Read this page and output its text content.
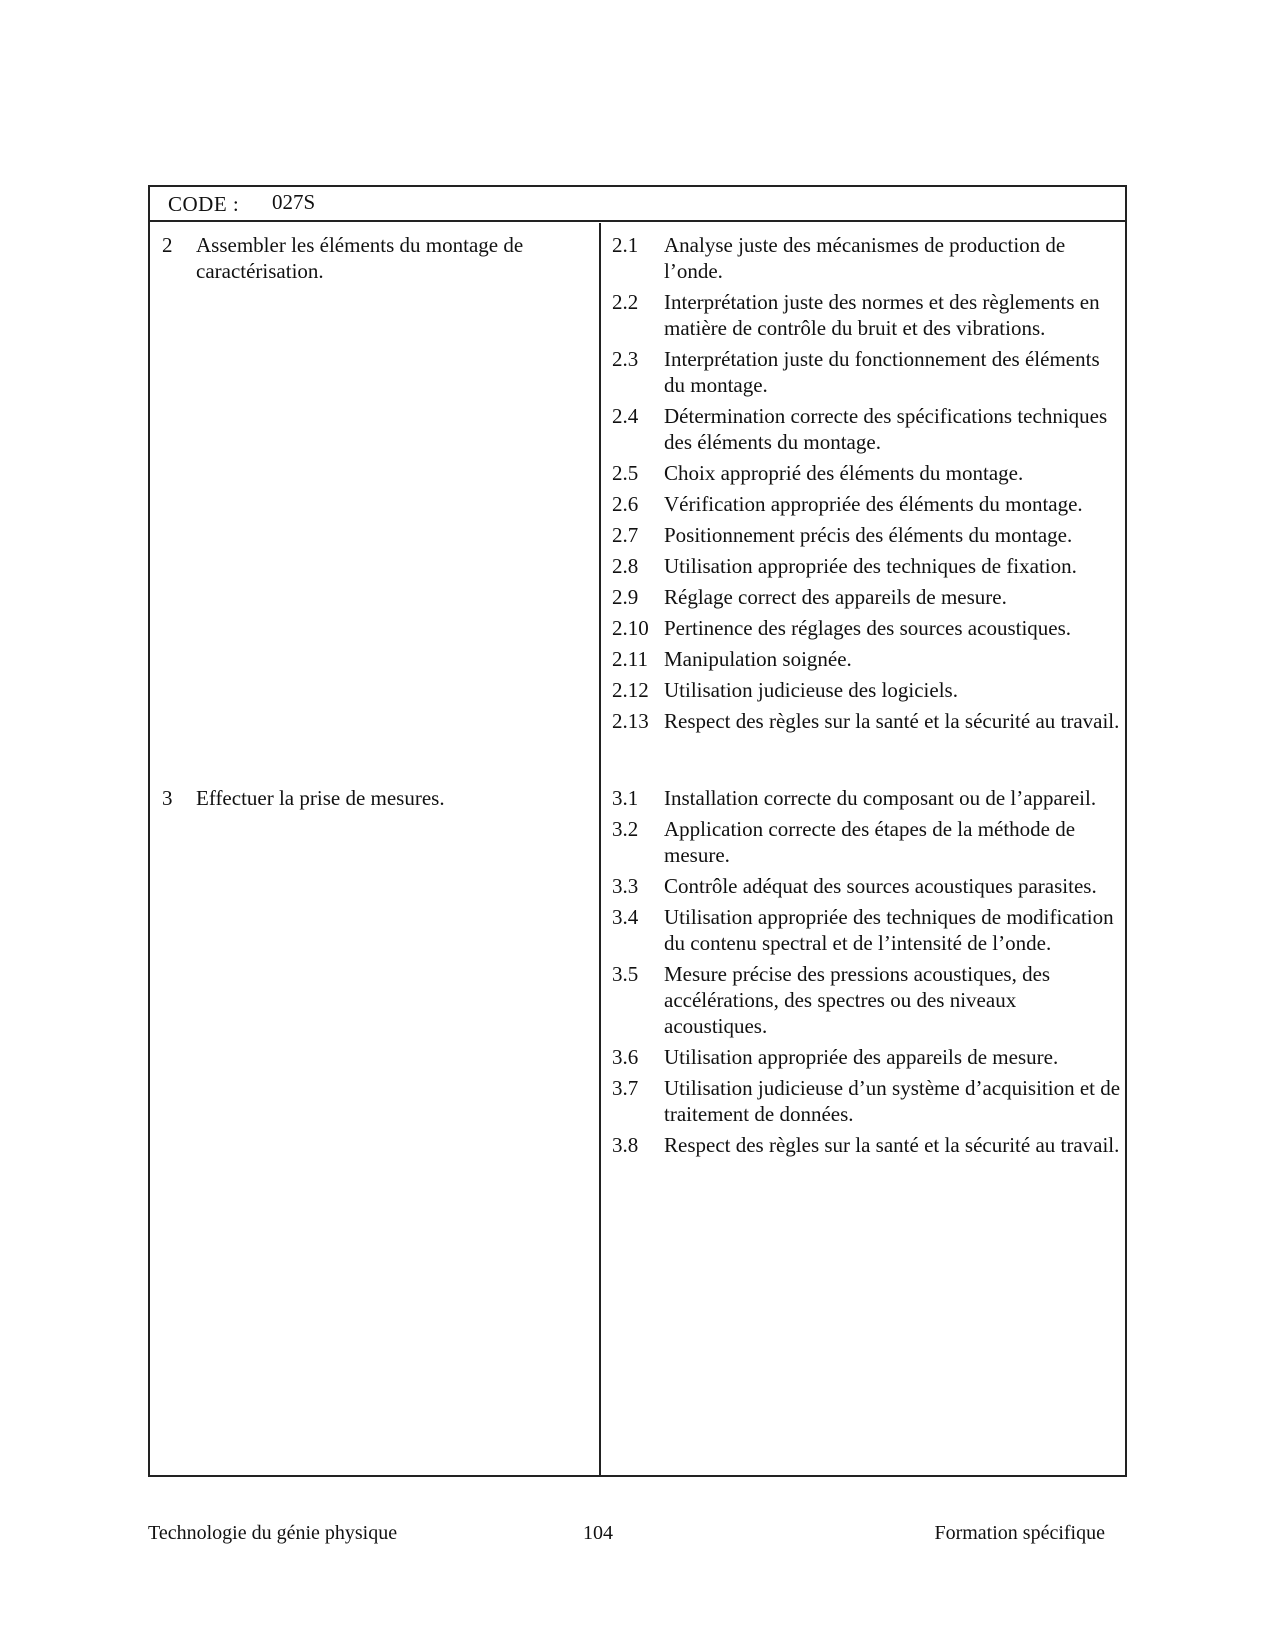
CODE : 027S
2	Assembler les éléments du montage de caractérisation.
2.1	Analyse juste des mécanismes de production de l’onde.
2.2	Interprétation juste des normes et des règlements en matière de contrôle du bruit et des vibrations.
2.3	Interprétation juste du fonctionnement des éléments du montage.
2.4	Détermination correcte des spécifications techniques des éléments du montage.
2.5	Choix approprié des éléments du montage.
2.6	Vérification appropriée des éléments du montage.
2.7	Positionnement précis des éléments du montage.
2.8	Utilisation appropriée des techniques de fixation.
2.9	Réglage correct des appareils de mesure.
2.10 Pertinence des réglages des sources acoustiques.
2.11 Manipulation soignée.
2.12 Utilisation judicieuse des logiciels.
2.13 Respect des règles sur la santé et la sécurité au travail.
3	Effectuer la prise de mesures.	3.1	Installation correcte du composant ou de l’appareil.
3.2	Application correcte des étapes de la méthode de mesure.
3.3	Contrôle adéquat des sources acoustiques parasites.
3.4	Utilisation appropriée des techniques de modification du contenu spectral et de l’intensité de l’onde.
3.5	Mesure précise des pressions acoustiques, des accélérations, des spectres ou des niveaux acoustiques.
3.6	Utilisation appropriée des appareils de mesure.
3.7	Utilisation judicieuse d’un système d’acquisition et de traitement de données.
3.8	Respect des règles sur la santé et la sécurité au travail.
Technologie du génie physique	104	Formation spécifique
